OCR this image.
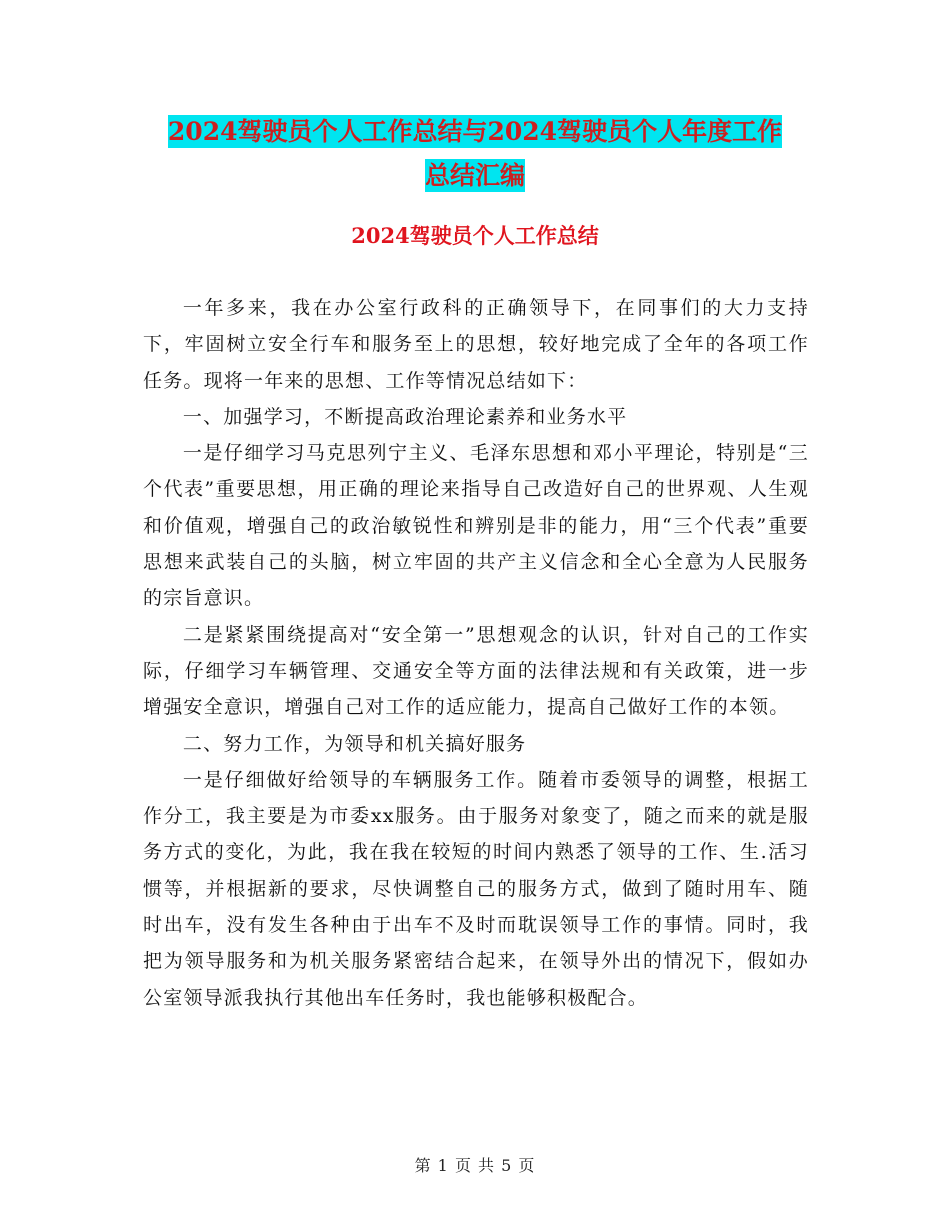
2024驾驶员个人工作总结与2024驾驶员个人年度工作
总结汇编
2024驾驶员个人工作总结

一年多来，我在办公室行政科的正确领导下，在同事们的大力支持下，牢固树立安全行车和服务至上的思想，较好地完成了全年的各项工作任务。现将一年来的思想、工作等情况总结如下：

一、加强学习，不断提高政治理论素养和业务水平

一是仔细学习马克思列宁主义、毛泽东思想和邓小平理论，特别是“三个代表”重要思想，用正确的理论来指导自己改造好自己的世界观、人生观和价值观，增强自己的政治敏锐性和辨别是非的能力，用“三个代表”重要思想来武装自己的头脑，树立牢固的共产主义信念和全心全意为人民服务的宗旨意识。

二是紧紧围绕提高对“安全第一”思想观念的认识，针对自己的工作实际，仔细学习车辆管理、交通安全等方面的法律法规和有关政策，进一步增强安全意识，增强自己对工作的适应能力，提高自己做好工作的本领。

二、努力工作，为领导和机关搞好服务

一是仔细做好给领导的车辆服务工作。随着市委领导的调整，根据工作分工，我主要是为市委xx服务。由于服务对象变了，随之而来的就是服务方式的变化，为此，我在我在较短的时间内熟悉了领导的工作、生.活习惯等，并根据新的要求，尽快调整自己的服务方式，做到了随时用车、随时出车，没有发生各种由于出车不及时而耽误领导工作的事情。同时，我把为领导服务和为机关服务紧密结合起来，在领导外出的情况下，假如办公室领导派我执行其他出车任务时，我也能够积极配合。

第 1 页 共 5 页
